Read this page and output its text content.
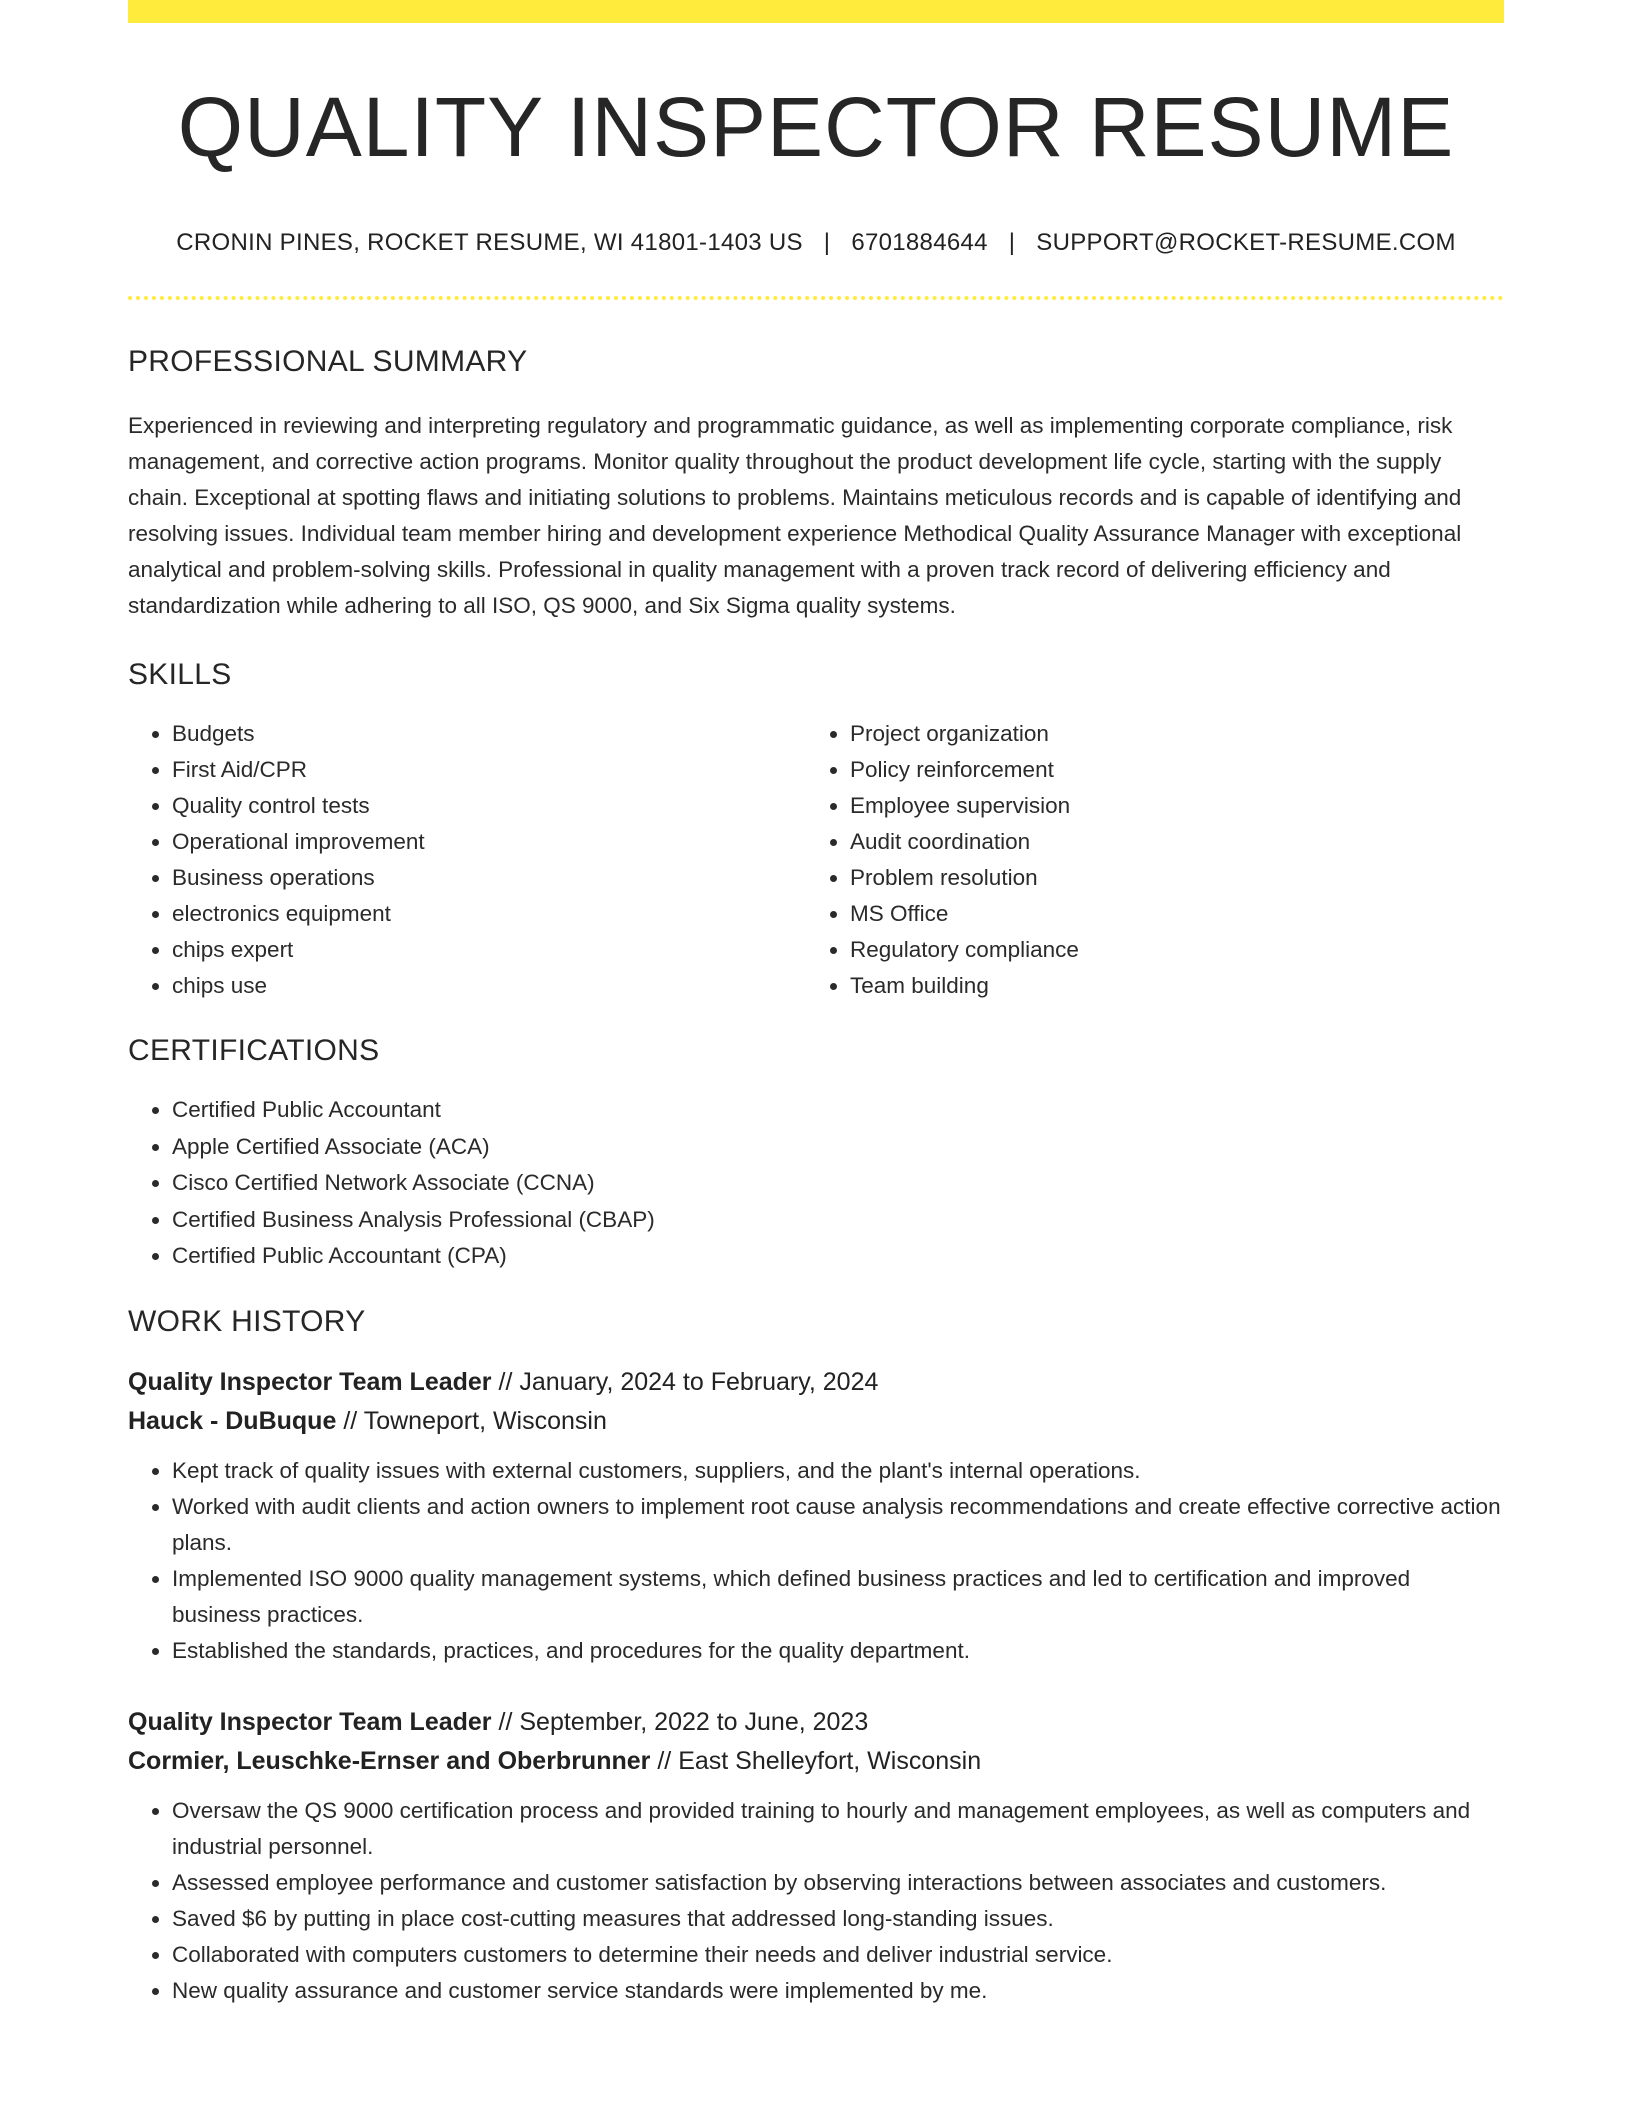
QUALITY INSPECTOR RESUME
CRONIN PINES, ROCKET RESUME, WI 41801-1403 US | 6701884644 | SUPPORT@ROCKET-RESUME.COM
PROFESSIONAL SUMMARY

Experienced in reviewing and interpreting regulatory and programmatic guidance, as well as implementing corporate compliance, risk management, and corrective action programs. Monitor quality throughout the product development life cycle, starting with the supply chain. Exceptional at spotting flaws and initiating solutions to problems. Maintains meticulous records and is capable of identifying and resolving issues. Individual team member hiring and development experience Methodical Quality Assurance Manager with exceptional analytical and problem-solving skills. Professional in quality management with a proven track record of delivering efficiency and standardization while adhering to all ISO, QS 9000, and Six Sigma quality systems.

SKILLS
• Budgets
• First Aid/CPR
• Quality control tests
• Operational improvement
• Business operations
• electronics equipment
• chips expert
• chips use
• Project organization
• Policy reinforcement
• Employee supervision
• Audit coordination
• Problem resolution
• MS Office
• Regulatory compliance
• Team building
CERTIFICATIONS
• Certified Public Accountant
• Apple Certified Associate (ACA)
• Cisco Certified Network Associate (CCNA)
• Certified Business Analysis Professional (CBAP)
• Certified Public Accountant (CPA)
WORK HISTORY
Quality Inspector Team Leader // January, 2024 to February, 2024
Hauck - DuBuque // Towneport, Wisconsin
• Kept track of quality issues with external customers, suppliers, and the plant's internal operations.
• Worked with audit clients and action owners to implement root cause analysis recommendations and create effective corrective action plans.
• Implemented ISO 9000 quality management systems, which defined business practices and led to certification and improved business practices.
• Established the standards, practices, and procedures for the quality department.
Quality Inspector Team Leader // September, 2022 to June, 2023
Cormier, Leuschke-Ernser and Oberbrunner // East Shelleyfort, Wisconsin
• Oversaw the QS 9000 certification process and provided training to hourly and management employees, as well as computers and industrial personnel.
• Assessed employee performance and customer satisfaction by observing interactions between associates and customers.
• Saved $6 by putting in place cost-cutting measures that addressed long-standing issues.
• Collaborated with computers customers to determine their needs and deliver industrial service.
• New quality assurance and customer service standards were implemented by me.
